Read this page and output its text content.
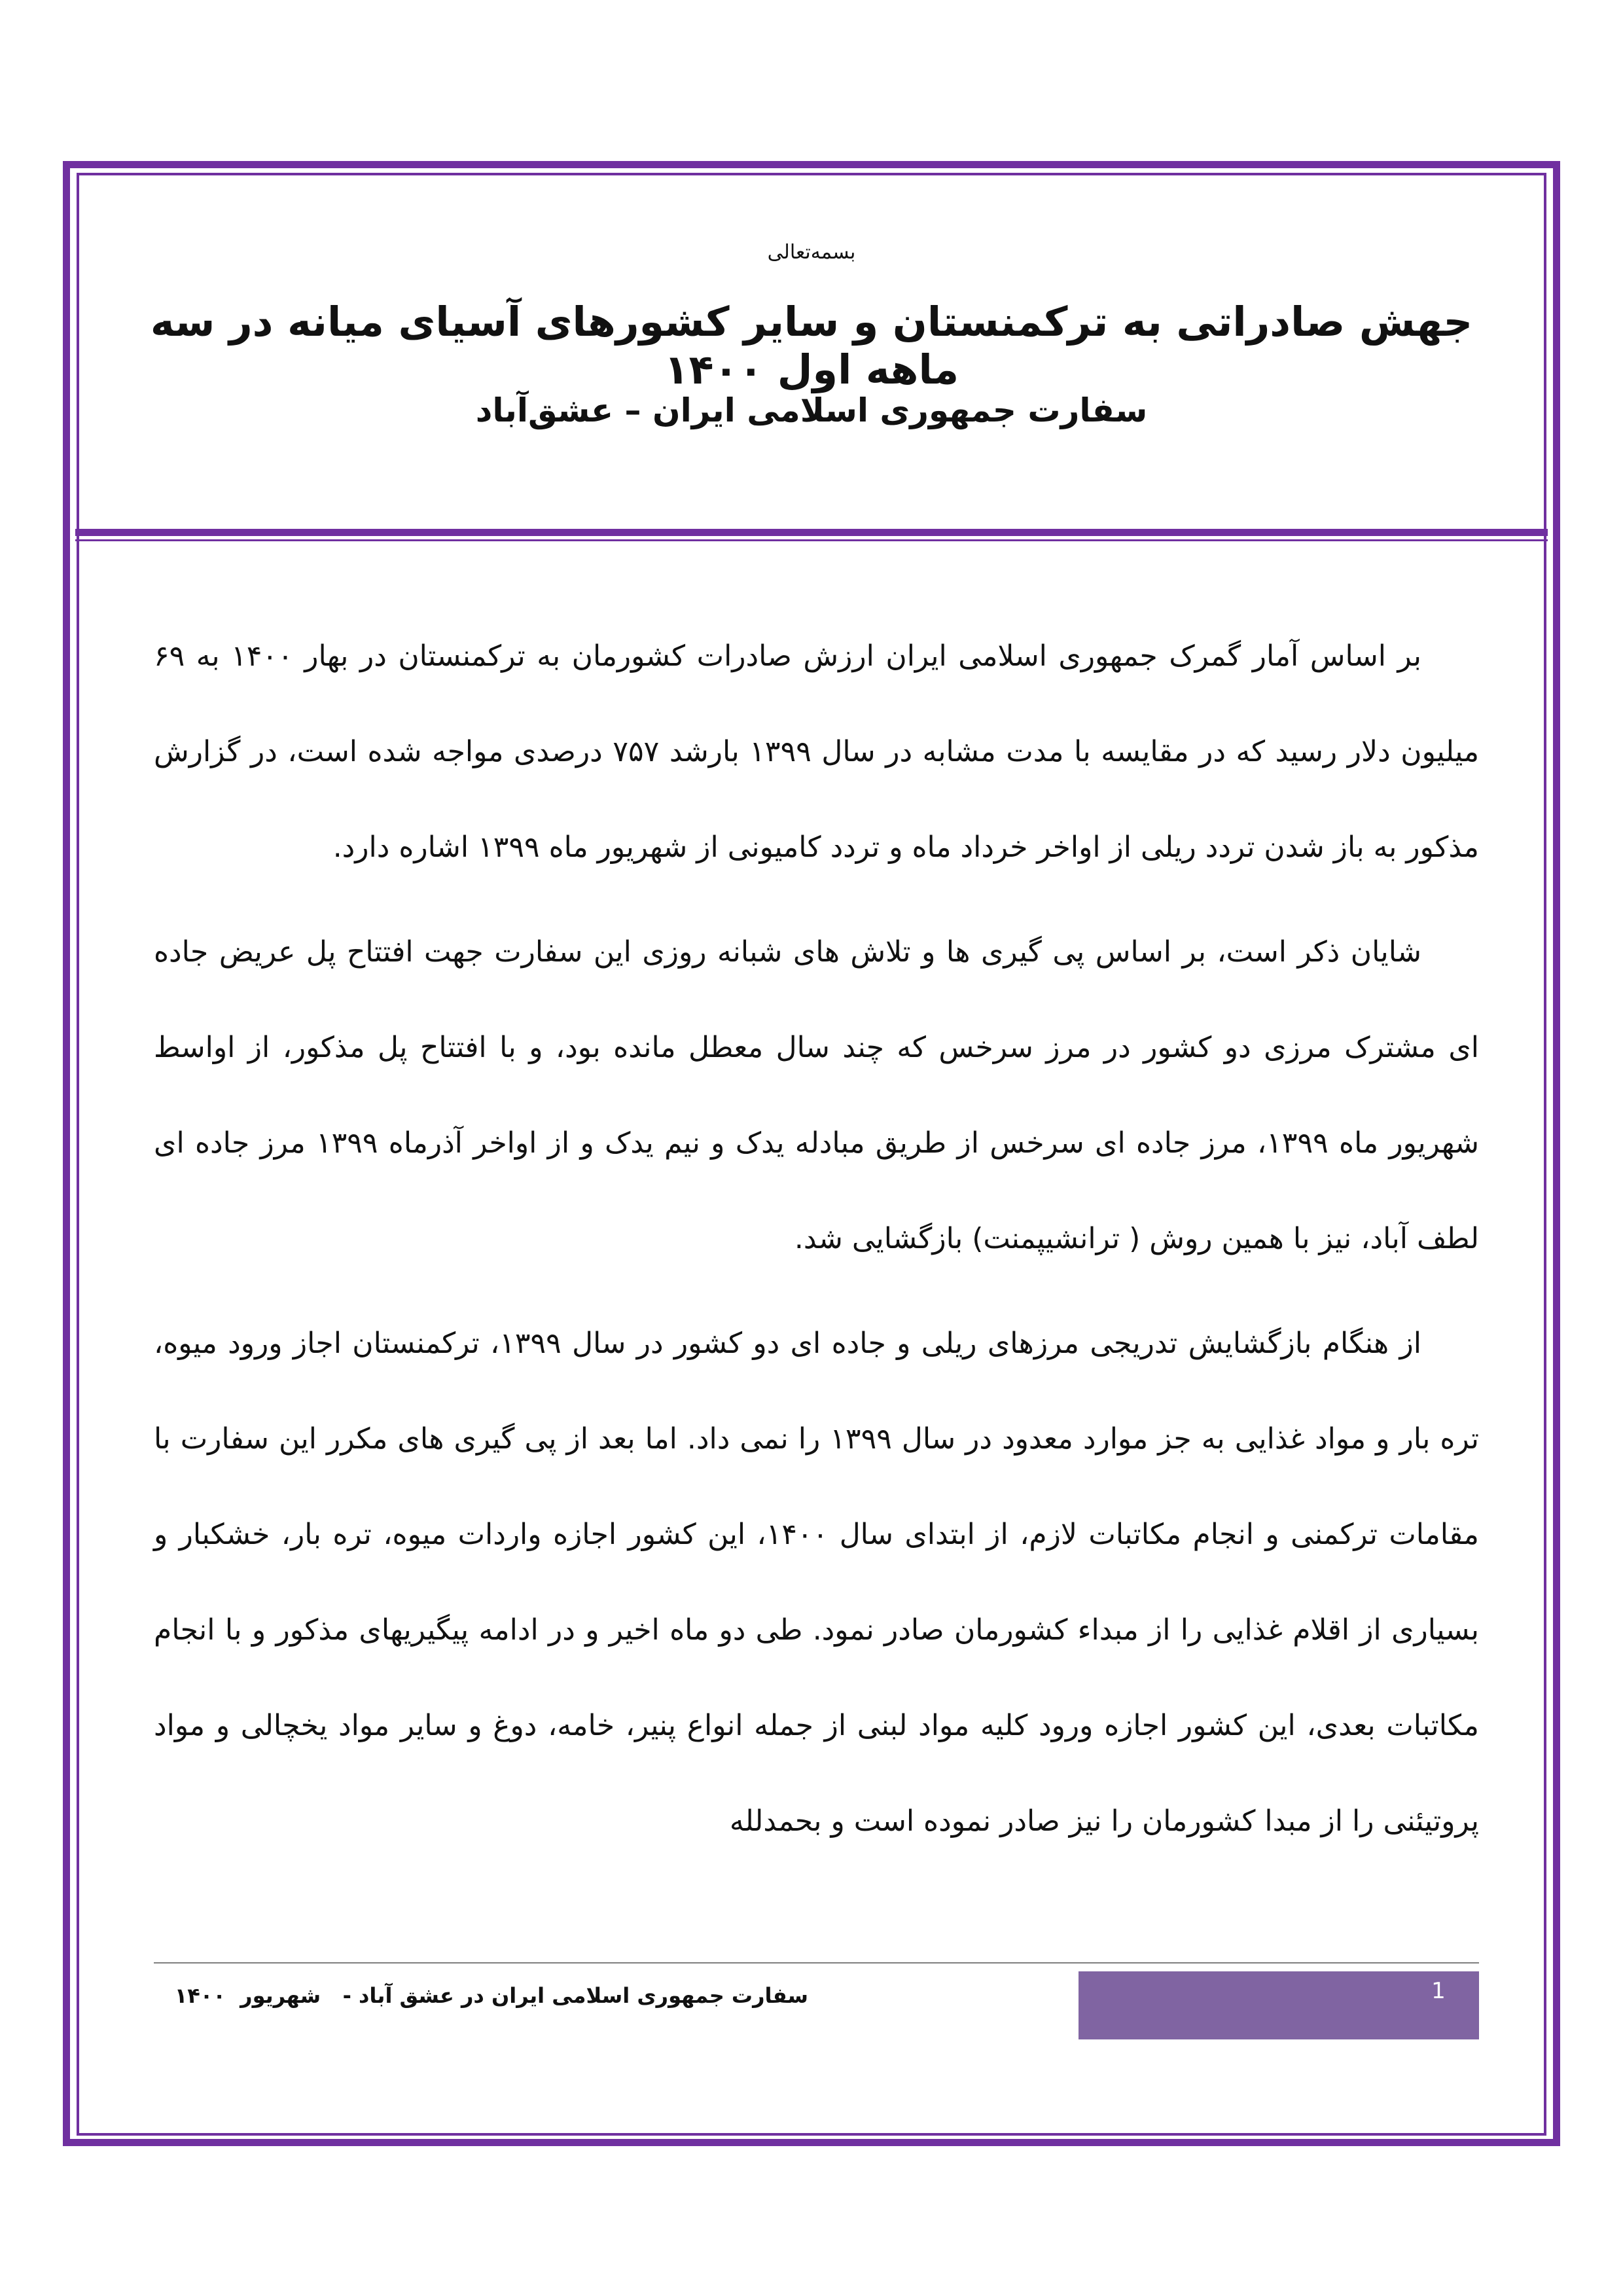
بسمه‌تعالی
جهش صادراتی به ترکمنستان و سایر کشورهای آسیای میانه در سه ماهه اول ۱۴۰۰
سفارت جمهوری اسلامی ایران – عشق‌آباد

بر اساس آمار گمرک جمهوری اسلامی ایران ارزش صادرات کشورمان به ترکمنستان در بهار ۱۴۰۰ به ۶۹ میلیون دلار رسید که در مقایسه با مدت مشابه در سال ۱۳۹۹ بارشد ۷۵۷ درصدی مواجه شده است، در گزارش مذکور به باز شدن تردد ریلی از اواخر خرداد ماه و تردد کامیونی از شهریور ماه ۱۳۹۹ اشاره دارد.

شایان ذکر است، بر اساس پی گیری ها و تلاش های شبانه روزی این سفارت جهت افتتاح پل عریض جاده ای مشترک مرزی دو کشور در مرز سرخس که چند سال معطل مانده بود، و با افتتاح پل مذکور، از اواسط شهریور ماه ۱۳۹۹، مرز جاده ای سرخس از طریق مبادله یدک و نیم یدک و از اواخر آذرماه ۱۳۹۹ مرز جاده ای لطف آباد، نیز با همین روش ( ترانشیپمنت) بازگشایی شد.

از هنگام بازگشایش تدریجی مرزهای ریلی و جاده ای دو کشور در سال ۱۳۹۹، ترکمنستان اجاز ورود میوه، تره بار و مواد غذایی به جز موارد معدود در سال ۱۳۹۹ را نمی داد. اما بعد از پی گیری های مکرر این سفارت با مقامات ترکمنی و انجام مکاتبات لازم، از ابتدای سال ۱۴۰۰، این کشور اجازه واردات میوه، تره بار، خشکبار و بسیاری از اقلام غذایی را از مبداء کشورمان صادر نمود. طی دو ماه اخیر و در ادامه پیگیریهای مذکور و با انجام مکاتبات بعدی، این کشور اجازه ورود کلیه مواد لبنی از جمله انواع پنیر، خامه، دوغ و سایر مواد یخچالی و مواد پروتیئنی را از مبدا کشورمان را نیز صادر نموده است و بحمدلله

1
سفارت جمهوری اسلامی ایران در عشق آباد -   شهریور  ۱۴۰۰
